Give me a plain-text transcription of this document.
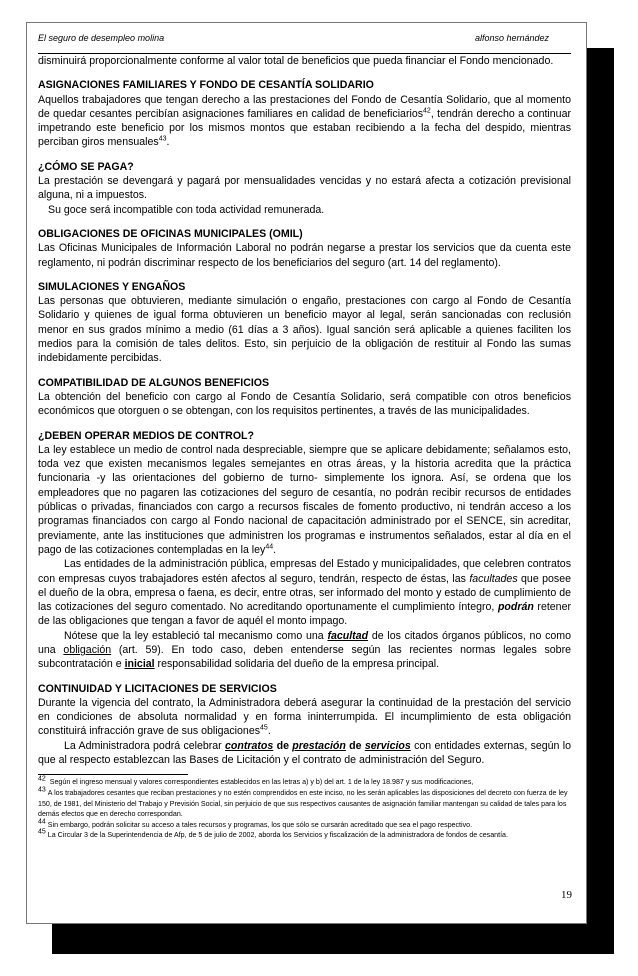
El seguro de desempleo molina	alfonso hernández

disminuirá proporcionalmente conforme al valor total de beneficios que pueda financiar el Fondo mencionado.

ASIGNACIONES FAMILIARES Y FONDO DE CESANTÍA SOLIDARIO

Aquellos trabajadores que tengan derecho a las prestaciones del Fondo de Cesantía Solidario, que al momento de quedar cesantes percibían asignaciones familiares en calidad de beneficiarios$^{42}$, tendrán derecho a continuar impetrando este beneficio por los mismos montos que estaban recibiendo a la fecha del despido, mientras perciban giros mensuales$^{43}$.

¿CÓMO SE PAGA?

La prestación se devengará y pagará por mensualidades vencidas y no estará afecta a cotización previsional alguna, ni a impuestos.

Su goce será incompatible con toda actividad remunerada.

OBLIGACIONES DE OFICINAS MUNICIPALES (OMIL)

Las Oficinas Municipales de Información Laboral no podrán negarse a prestar los servicios que da cuenta este reglamento, ni podrán discriminar respecto de los beneficiarios del seguro (art. 14 del reglamento).

SIMULACIONES Y ENGAÑOS

Las personas que obtuvieren, mediante simulación o engaño, prestaciones con cargo al Fondo de Cesantía Solidario y quienes de igual forma obtuvieren un beneficio mayor al legal, serán sancionadas con reclusión menor en sus grados mínimo a medio (61 días a 3 años). Igual sanción será aplicable a quienes faciliten los medios para la comisión de tales delitos. Esto, sin perjuicio de la obligación de restituir al Fondo las sumas indebidamente percibidas.

COMPATIBILIDAD DE ALGUNOS BENEFICIOS

La obtención del beneficio con cargo al Fondo de Cesantía Solidario, será compatible con otros beneficios económicos que otorguen o se obtengan, con los requisitos pertinentes, a través de las municipalidades.

¿DEBEN OPERAR MEDIOS DE CONTROL?

La ley establece un medio de control nada despreciable, siempre que se aplicare debidamente; señalamos esto, toda vez que existen mecanismos legales semejantes en otras áreas, y la historia acredita que la práctica funcionaria -y las orientaciones del gobierno de turno- simplemente los ignora. Así, se ordena que los empleadores que no pagaren las cotizaciones del seguro de cesantía, no podrán recibir recursos de entidades públicas o privadas, financiados con cargo a recursos fiscales de fomento productivo, ni tendrán acceso a los programas financiados con cargo al Fondo nacional de capacitación administrado por el SENCE, sin acreditar, previamente, ante las instituciones que administren los programas e instrumentos señalados, estar al día en el pago de las cotizaciones contempladas en la ley$^{44}$.

Las entidades de la administración pública, empresas del Estado y municipalidades, que celebren contratos con empresas cuyos trabajadores estén afectos al seguro, tendrán, respecto de éstas, las facultades que posee el dueño de la obra, empresa o faena, es decir, entre otras, ser informado del monto y estado de cumplimiento de las cotizaciones del seguro comentado. No acreditando oportunamente el cumplimiento íntegro, podrán retener de las obligaciones que tengan a favor de aquél el monto impago.

Nótese que la ley estableció tal mecanismo como una facultad de los citados órganos públicos, no como una obligación (art. 59). En todo caso, deben entenderse según las recientes normas legales sobre subcontratación e inicial responsabilidad solidaria del dueño de la empresa principal.

CONTINUIDAD Y LICITACIONES DE SERVICIOS

Durante la vigencia del contrato, la Administradora deberá asegurar la continuidad de la prestación del servicio en condiciones de absoluta normalidad y en forma ininterrumpida. El incumplimiento de esta obligación constituirá infracción grave de sus obligaciones$^{45}$.

La Administradora podrá celebrar contratos de prestación de servicios con entidades externas, según lo que al respecto establezcan las Bases de Licitación y el contrato de administración del Seguro.

$^{42}$ Según el ingreso mensual y valores correspondientes establecidos en las letras a) y b) del art. 1 de la ley 18.987 y sus modificaciones,

$^{43}$ A los trabajadores cesantes que reciban prestaciones y no estén comprendidos en este inciso, no les serán aplicables las disposiciones del decreto con fuerza de ley 150, de 1981, del Ministerio del Trabajo y Previsión Social, sin perjuicio de que sus respectivos causantes de asignación familiar mantengan su calidad de tales para los demás efectos que en derecho correspondan.

$^{44}$ Sin embargo, podrán solicitar su acceso a tales recursos y programas, los que sólo se cursarán acreditado que sea el pago respectivo.

$^{45}$ La Circular 3 de la Superintendencia de Afp, de 5 de julio de 2002, aborda los Servicios y fiscalización de la administradora de fondos de cesantía.

19
